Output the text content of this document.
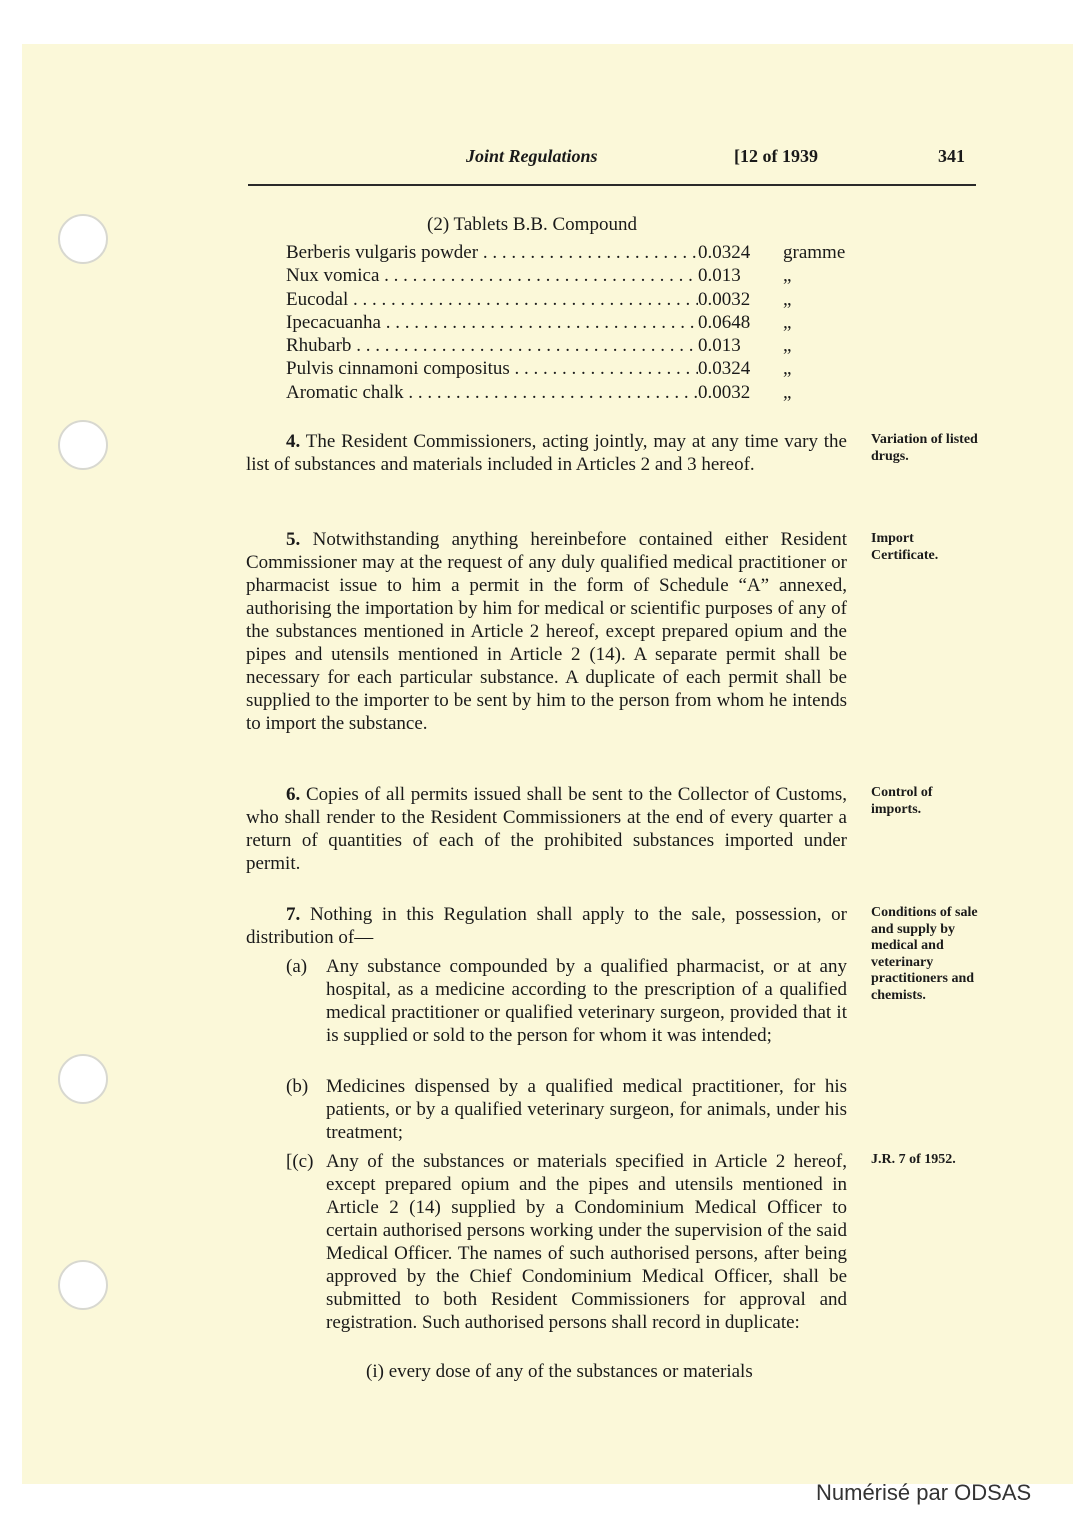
Joint Regulations	[12 of 1939	341
(2) Tablets B.B. Compound
Berberis vulgaris powder . . .	0.0324	gramme
Nux vomica . . .	0.013	„
Eucodal . . .	0.0032	„
Ipecacuanha . . .	0.0648	„
Rhubarb . . .	0.013	„
Pulvis cinnamoni compositus . . .	0.0324	„
Aromatic chalk . . .	0.0032	„
4. The Resident Commissioners, acting jointly, may at any time vary the list of substances and materials included in Articles 2 and 3 hereof.
Variation of listed drugs.
5. Notwithstanding anything hereinbefore contained either Resident Commissioner may at the request of any duly qualified medical practitioner or pharmacist issue to him a permit in the form of Schedule “A” annexed, authorising the importation by him for medical or scientific purposes of any of the substances mentioned in Article 2 hereof, except prepared opium and the pipes and utensils mentioned in Article 2 (14). A separate permit shall be necessary for each particular substance. A duplicate of each permit shall be supplied to the importer to be sent by him to the person from whom he intends to import the substance.
Import Certificate.
6. Copies of all permits issued shall be sent to the Collector of Customs, who shall render to the Resident Commissioners at the end of every quarter a return of quantities of each of the prohibited substances imported under permit.
Control of imports.
7. Nothing in this Regulation shall apply to the sale, possession, or distribution of—
Conditions of sale and supply by medical and veterinary practitioners and chemists.
(a) Any substance compounded by a qualified pharmacist, or at any hospital, as a medicine according to the prescription of a qualified medical practitioner or qualified veterinary surgeon, provided that it is supplied or sold to the person for whom it was intended;
(b) Medicines dispensed by a qualified medical practitioner, for his patients, or by a qualified veterinary surgeon, for animals, under his treatment;
[(c) Any of the substances or materials specified in Article 2 hereof, except prepared opium and the pipes and utensils mentioned in Article 2 (14) supplied by a Condominium Medical Officer to certain authorised persons working under the supervision of the said Medical Officer. The names of such authorised persons, after being approved by the Chief Condominium Medical Officer, shall be submitted to both Resident Commissioners for approval and registration. Such authorised persons shall record in duplicate:
J.R. 7 of 1952.
(i) every dose of any of the substances or materials
Numérisé par ODSAS
